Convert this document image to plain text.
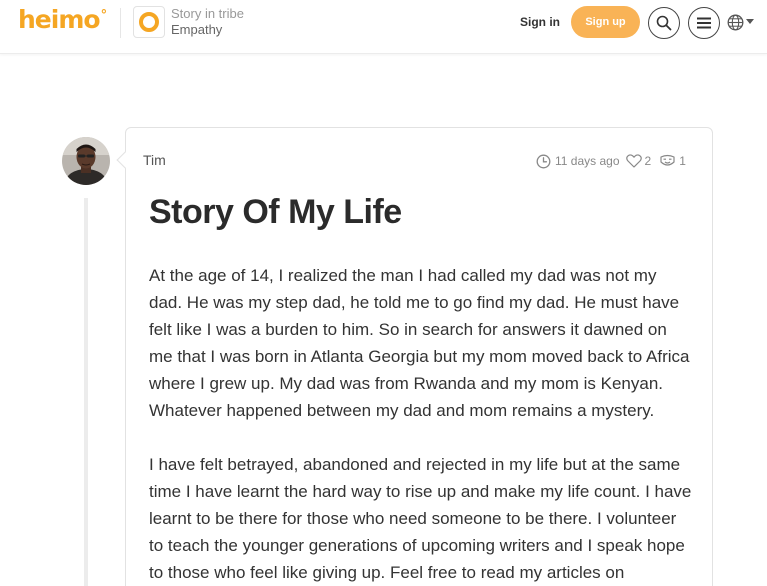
heimo°	Story in tribe
Empathy	Sign in	Sign up
Tim	11 days ago 2 1
Story Of My Life

At the age of 14, I realized the man I had called my dad was not my dad. He was my step dad, he told me to go find my dad. He must have felt like I was a burden to him. So in search for answers it dawned on me that I was born in Atlanta Georgia but my mom moved back to Africa where I grew up. My dad was from Rwanda and my mom is Kenyan. Whatever happened between my dad and mom remains a mystery.

I have felt betrayed, abandoned and rejected in my life but at the same time I have learnt the hard way to rise up and make my life count. I have learnt to be there for those who need someone to be there. I volunteer to teach the younger generations of upcoming writers and I speak hope to those who feel like giving up. Feel free to read my articles on
